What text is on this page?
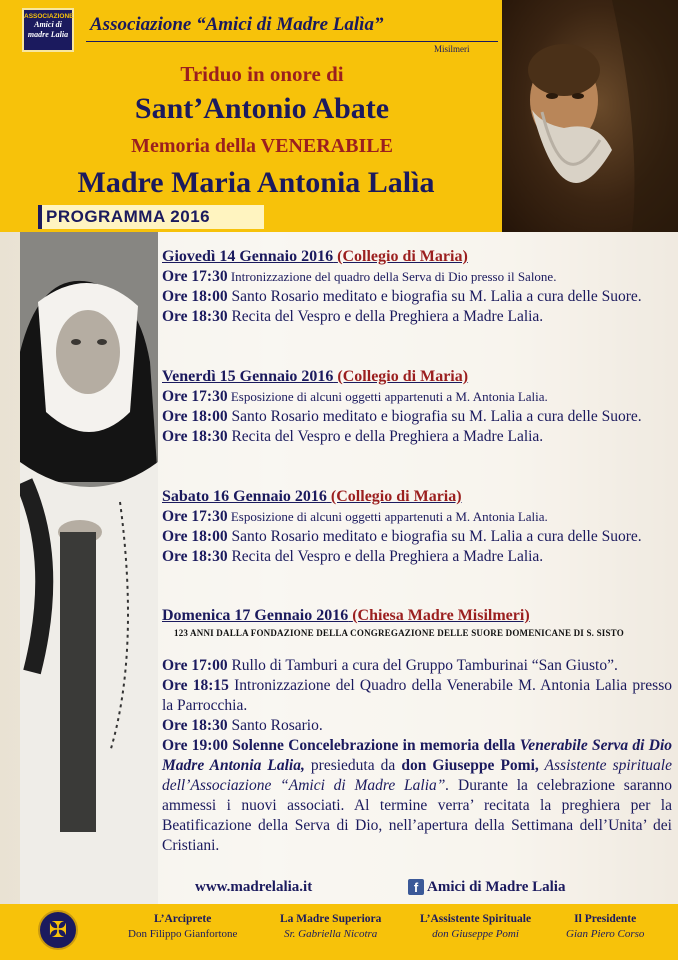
ASSOCIAZIONE
Amici di madre Lalia Associazione “Amici di Madre Lalìa”
Misilmeri
Triduo in onore di
Sant’Antonio Abate
Memoria della VENERABILE
Madre Maria Antonia Lalìa
PROGRAMMA 2016
Giovedì 14 Gennaio 2016 (Collegio di Maria)
Ore 17:30 Intronizzazione del quadro della Serva di Dio presso il Salone.
Ore 18:00 Santo Rosario meditato e biografia su M. Lalia a cura delle Suore.
Ore 18:30 Recita del Vespro e della Preghiera a Madre Lalia.
Venerdì 15 Gennaio 2016 (Collegio di Maria)
Ore 17:30 Esposizione di alcuni oggetti appartenuti a M. Antonia Lalia.
Ore 18:00 Santo Rosario meditato e biografia su M. Lalia a cura delle Suore.
Ore 18:30 Recita del Vespro e della Preghiera a Madre Lalia.
Sabato 16 Gennaio 2016 (Collegio di Maria)
Ore 17:30 Esposizione di alcuni oggetti appartenuti a M. Antonia Lalia.
Ore 18:00 Santo Rosario meditato e biografia su M. Lalia a cura delle Suore.
Ore 18:30 Recita del Vespro e della Preghiera a Madre Lalia.
Domenica 17 Gennaio 2016 (Chiesa Madre Misilmeri)
123 ANNI DALLA FONDAZIONE DELLA CONGREGAZIONE DELLE SUORE DOMENICANE DI S. SISTO
Ore 17:00 Rullo di Tamburi a cura del Gruppo Tamburinai “San Giusto”.
Ore 18:15 Intronizzazione del Quadro della Venerabile M. Antonia Lalia presso la Parrocchia.
Ore 18:30 Santo Rosario.
Ore 19:00 Solenne Concelebrazione in memoria della Venerabile Serva di Dio Madre Antonia Lalia, presieduta da don Giuseppe Pomi, Assistente spirituale dell’Associazione “Amici di Madre Lalia”. Durante la celebrazione saranno ammessi i nuovi associati. Al termine verra’ recitata la preghiera per la Beatificazione della Serva di Dio, nell’apertura della Settimana dell’Unita’ dei Cristiani.
www.madrelalia.it	f Amici di Madre Lalia
✠	L’Arciprete
Don Filippo Gianfortone
La Madre Superiora
Sr. Gabriella Nicotra
L’Assistente Spirituale
don Giuseppe Pomi
Il Presidente
Gian Piero Corso
